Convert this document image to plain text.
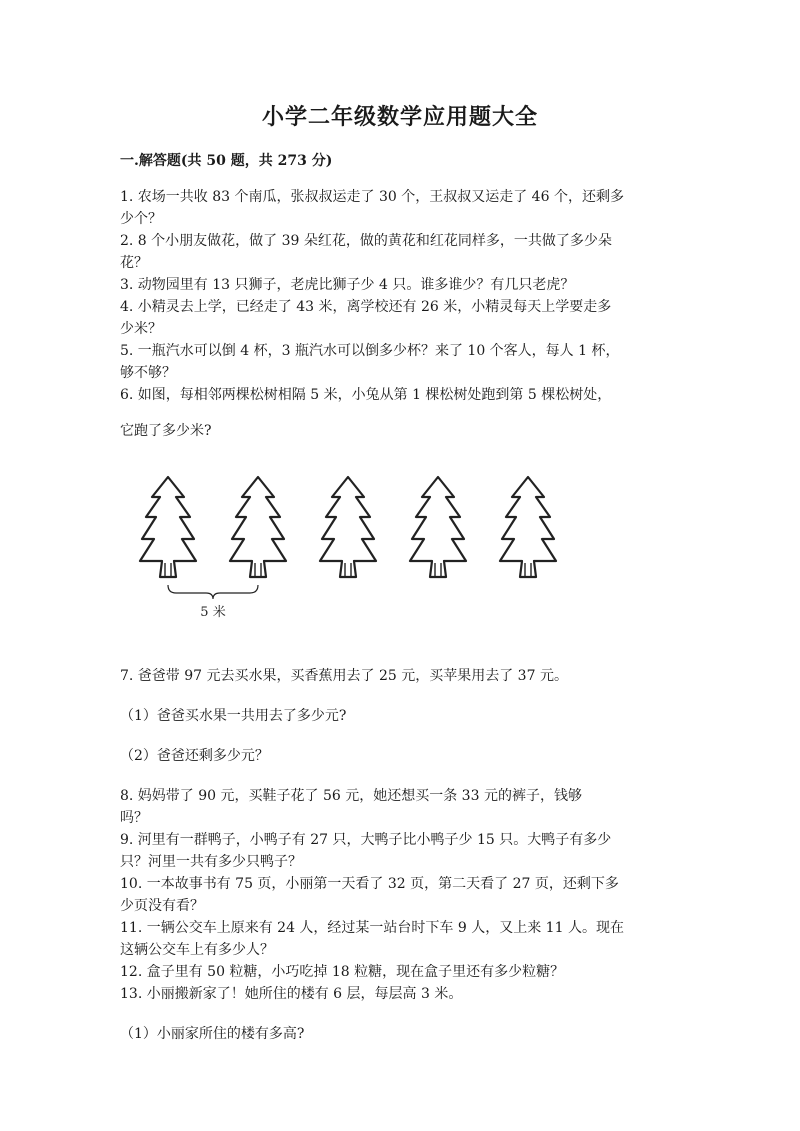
小学二年级数学应用题大全
一.解答题(共 50 题，共 273 分)
1. 农场一共收 83 个南瓜，张叔叔运走了 30 个，王叔叔又运走了 46 个，还剩多
少个？
2. 8 个小朋友做花，做了 39 朵红花，做的黄花和红花同样多，一共做了多少朵
花？
3. 动物园里有 13 只狮子，老虎比狮子少 4 只。谁多谁少？有几只老虎？
4. 小精灵去上学，已经走了 43 米，离学校还有 26 米，小精灵每天上学要走多
少米？
5. 一瓶汽水可以倒 4 杯，3 瓶汽水可以倒多少杯？来了 10 个客人，每人 1 杯，
够不够？
6. 如图，每相邻两棵松树相隔 5 米，小兔从第 1 棵松树处跑到第 5 棵松树处，
它跑了多少米?
5 米
7. 爸爸带 97 元去买水果，买香蕉用去了 25 元，买苹果用去了 37 元。
（1）爸爸买水果一共用去了多少元?
（2）爸爸还剩多少元？
8. 妈妈带了 90 元，买鞋子花了 56 元，她还想买一条 33 元的裤子，钱够
吗？
9. 河里有一群鸭子，小鸭子有 27 只，大鸭子比小鸭子少 15 只。大鸭子有多少
只？河里一共有多少只鸭子？
10. 一本故事书有 75 页，小丽第一天看了 32 页，第二天看了 27 页，还剩下多
少页没有看？
11. 一辆公交车上原来有 24 人，经过某一站台时下车 9 人，又上来 11 人。现在
这辆公交车上有多少人？
12. 盒子里有 50 粒糖，小巧吃掉 18 粒糖，现在盒子里还有多少粒糖？
13. 小丽搬新家了！她所住的楼有 6 层，每层高 3 米。
（1）小丽家所住的楼有多高?
